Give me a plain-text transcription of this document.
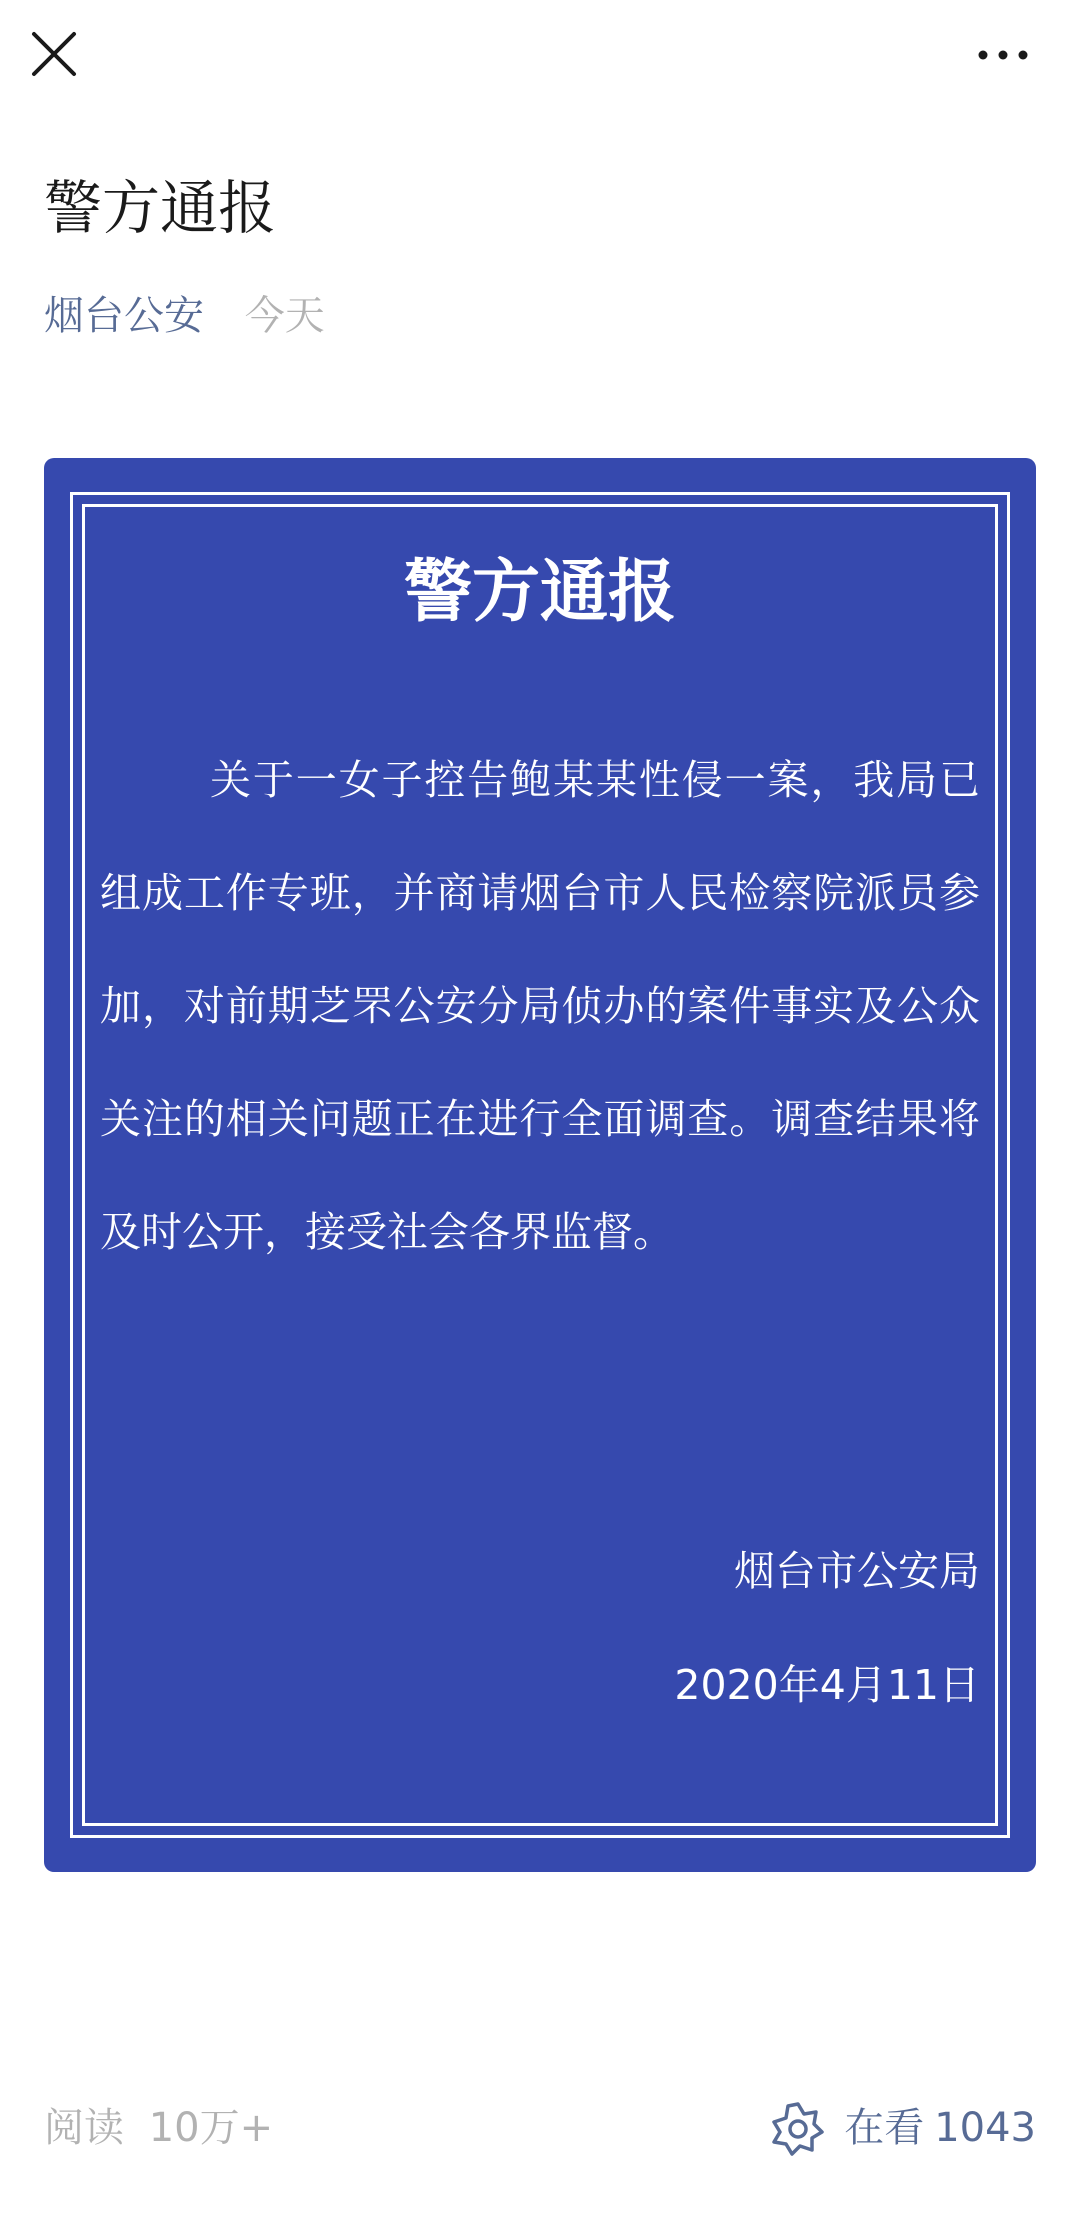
警方通报
烟台公安 今天
警方通报
关于一女子控告鲍某某性侵一案，我局已组成工作专班，并商请烟台市人民检察院派员参加，对前期芝罘公安分局侦办的案件事实及公众关注的相关问题正在进行全面调查。调查结果将及时公开，接受社会各界监督。
烟台市公安局
2020年4月11日
阅读 10万+	在看 1043
